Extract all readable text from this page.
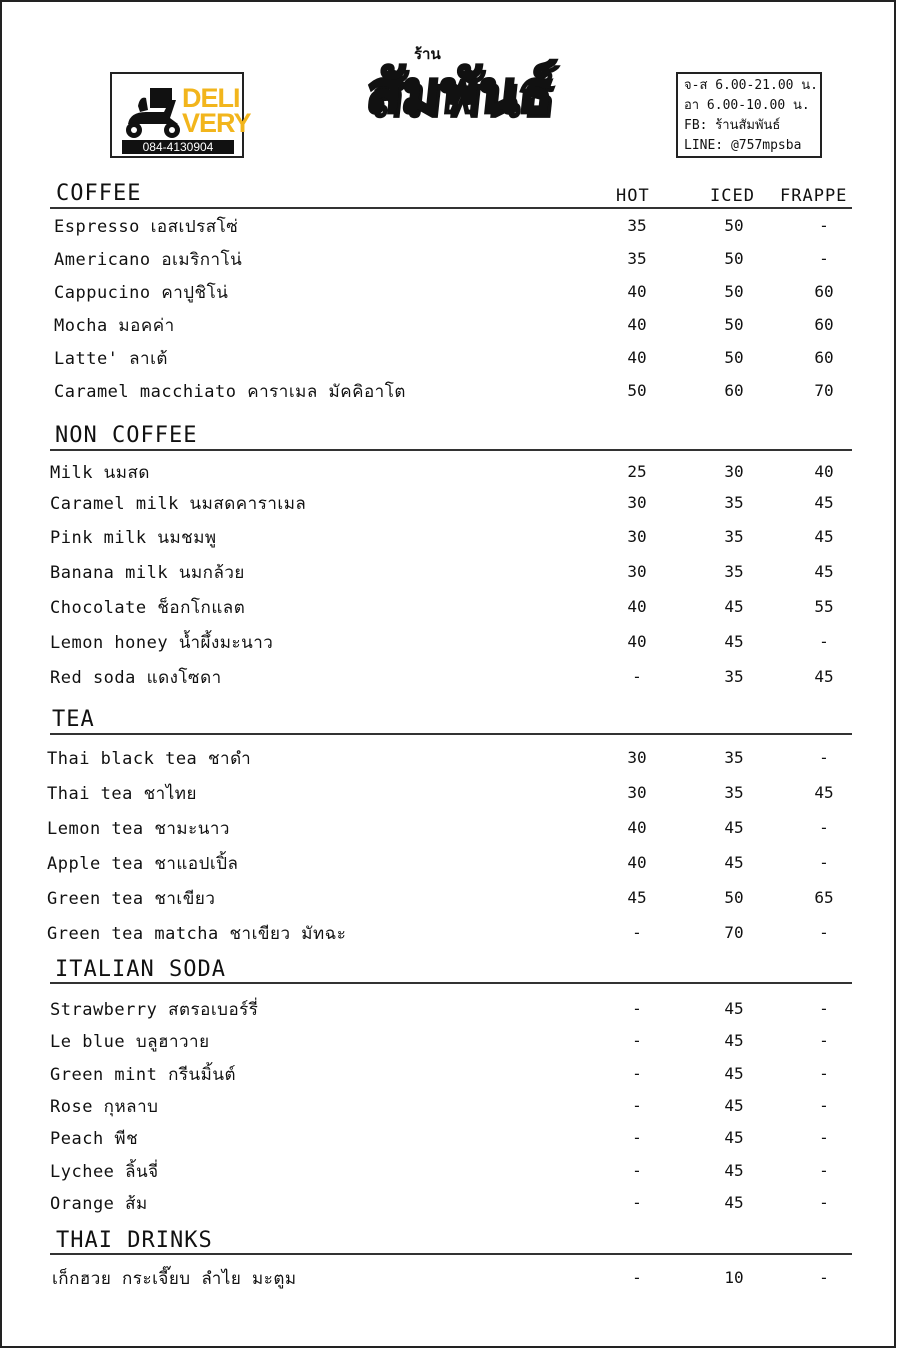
DELI
VERY
084-4130904
ร้าน
สัมพันธ์	จ-ส 6.00-21.00 น.
อา 6.00-10.00 น.
FB: ร้านสัมพันธ์
LINE: @757mpsba
HOT	ICED FRAPPE
COFFEE
Espresso เอสเปรสโซ่	35	50	-
Americano อเมริกาโน่	35	50	-
Cappucino คาปูชิโน่	40	50	60
Mocha มอคค่า	40	50	60
Latte' ลาเต้	40	50	60
Caramel macchiato คาราเมล มัคคิอาโต	50	60	70
NON COFFEE
Milk นมสด	25	30	40
Caramel milk นมสดคาราเมล	30	35	45
Pink milk นมชมพู	30	35	45
Banana milk นมกล้วย	30	35	45
Chocolate ช็อกโกแลต	40	45	55
Lemon honey น้ำผึ้งมะนาว	40	45	-
Red soda แดงโซดา	-	35	45
TEA
Thai black tea ชาดำ	30	35	-
Thai tea ชาไทย	30	35	45
Lemon tea ชามะนาว	40	45	-
Apple tea ชาแอปเปิ้ล	40	45	-
Green tea ชาเขียว	45	50	65
Green tea matcha ชาเขียว มัทฉะ	-	70	-
ITALIAN SODA
Strawberry สตรอเบอร์รี่	-	45	-
Le blue บลูฮาวาย	-	45	-
Green mint กรีนมิ้นต์	-	45	-
Rose กุหลาบ	-	45	-
Peach พีช	-	45	-
Lychee ลิ้นจี่	-	45	-
Orange ส้ม	-	45	-
THAI DRINKS
เก็กฮวย กระเจี๊ยบ ลำไย มะตูม	-	10	-
